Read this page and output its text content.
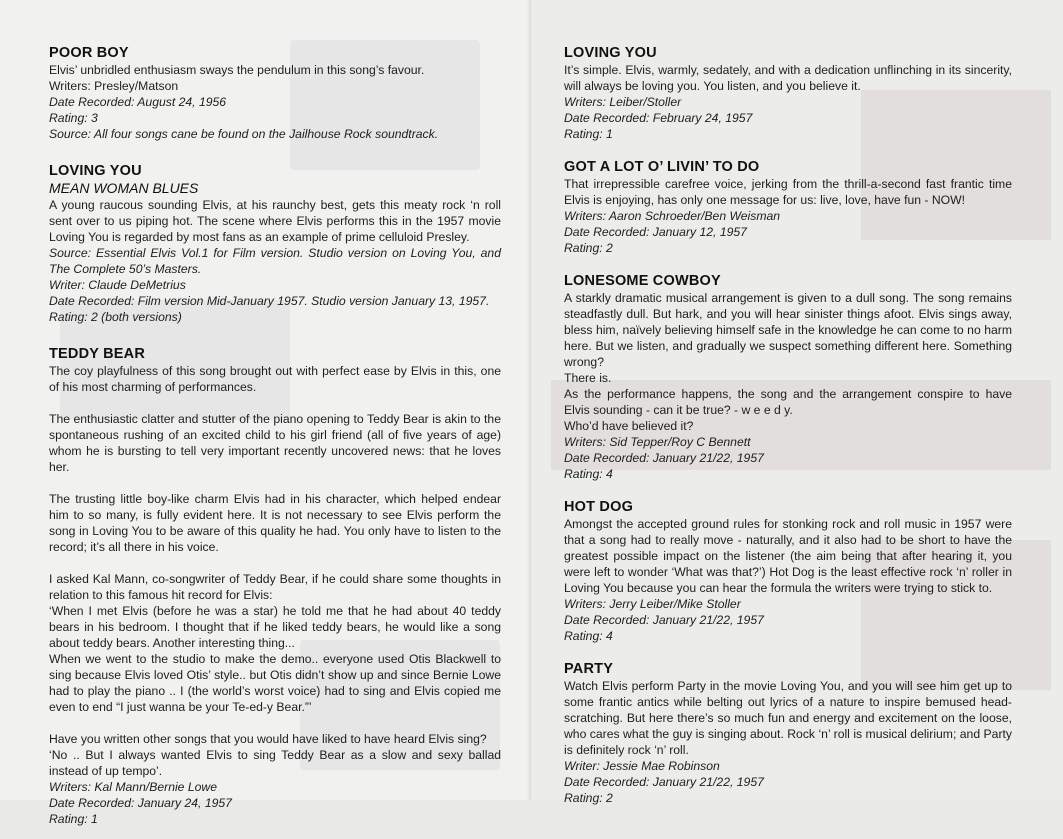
POOR BOY

Elvis’ unbridled enthusiasm sways the pendulum in this song’s favour.

Writers: Presley/Matson

Date Recorded: August 24, 1956

Rating: 3

Source: All four songs cane be found on the Jailhouse Rock soundtrack.

LOVING YOU

MEAN WOMAN BLUES

A young raucous sounding Elvis, at his raunchy best, gets this meaty rock ‘n roll sent over to us piping hot. The scene where Elvis performs this in the 1957 movie Loving You is regarded by most fans as an example of prime celluloid Presley.

Source: Essential Elvis Vol.1 for Film version. Studio version on Loving You, and The Complete 50’s Masters.

Writer: Claude DeMetrius

Date Recorded: Film version Mid-January 1957. Studio version January 13, 1957.

Rating: 2 (both versions)

TEDDY BEAR

The coy playfulness of this song brought out with perfect ease by Elvis in this, one of his most charming of performances.

The enthusiastic clatter and stutter of the piano opening to Teddy Bear is akin to the spontaneous rushing of an excited child to his girl friend (all of five years of age) whom he is bursting to tell very important recently uncovered news: that he loves her.

The trusting little boy-like charm Elvis had in his character, which helped endear him to so many, is fully evident here. It is not necessary to see Elvis perform the song in Loving You to be aware of this quality he had. You only have to listen to the record; it’s all there in his voice.

I asked Kal Mann, co-songwriter of Teddy Bear, if he could share some thoughts in relation to this famous hit record for Elvis:

‘When I met Elvis (before he was a star) he told me that he had about 40 teddy bears in his bedroom. I thought that if he liked teddy bears, he would like a song about teddy bears. Another interesting thing...

When we went to the studio to make the demo.. everyone used Otis Blackwell to sing because Elvis loved Otis’ style.. but Otis didn’t show up and since Bernie Lowe had to play the piano .. I (the world’s worst voice) had to sing and Elvis copied me even to end “I just wanna be your Te-ed-y Bear.”’

Have you written other songs that you would have liked to have heard Elvis sing?

‘No .. But I always wanted Elvis to sing Teddy Bear as a slow and sexy ballad instead of up tempo’.

Writers: Kal Mann/Bernie Lowe

Date Recorded: January 24, 1957

Rating: 1

LOVING YOU

It’s simple. Elvis, warmly, sedately, and with a dedication unflinching in its sincerity, will always be loving you. You listen, and you believe it.

Writers: Leiber/Stoller

Date Recorded: February 24, 1957

Rating: 1

GOT A LOT O’ LIVIN’ TO DO

That irrepressible carefree voice, jerking from the thrill-a-second fast frantic time Elvis is enjoying, has only one message for us: live, love, have fun - NOW!

Writers: Aaron Schroeder/Ben Weisman

Date Recorded: January 12, 1957

Rating: 2

LONESOME COWBOY

A starkly dramatic musical arrangement is given to a dull song. The song remains steadfastly dull. But hark, and you will hear sinister things afoot. Elvis sings away, bless him, naïvely believing himself safe in the knowledge he can come to no harm here. But we listen, and gradually we suspect something different here. Something wrong?

There is.

As the performance happens, the song and the arrangement conspire to have Elvis sounding - can it be true? - w e e d y.

Who’d have believed it?

Writers: Sid Tepper/Roy C Bennett

Date Recorded: January 21/22, 1957

Rating: 4

HOT DOG

Amongst the accepted ground rules for stonking rock and roll music in 1957 were that a song had to really move - naturally, and it also had to be short to have the greatest possible impact on the listener (the aim being that after hearing it, you were left to wonder ‘What was that?’) Hot Dog is the least effective rock ‘n’ roller in Loving You because you can hear the formula the writers were trying to stick to.

Writers: Jerry Leiber/Mike Stoller

Date Recorded: January 21/22, 1957

Rating: 4

PARTY

Watch Elvis perform Party in the movie Loving You, and you will see him get up to some frantic antics while belting out lyrics of a nature to inspire bemused head-scratching. But here there’s so much fun and energy and excitement on the loose, who cares what the guy is singing about. Rock ‘n’ roll is musical delirium; and Party is definitely rock ‘n’ roll.

Writer: Jessie Mae Robinson

Date Recorded: January 21/22, 1957

Rating: 2
